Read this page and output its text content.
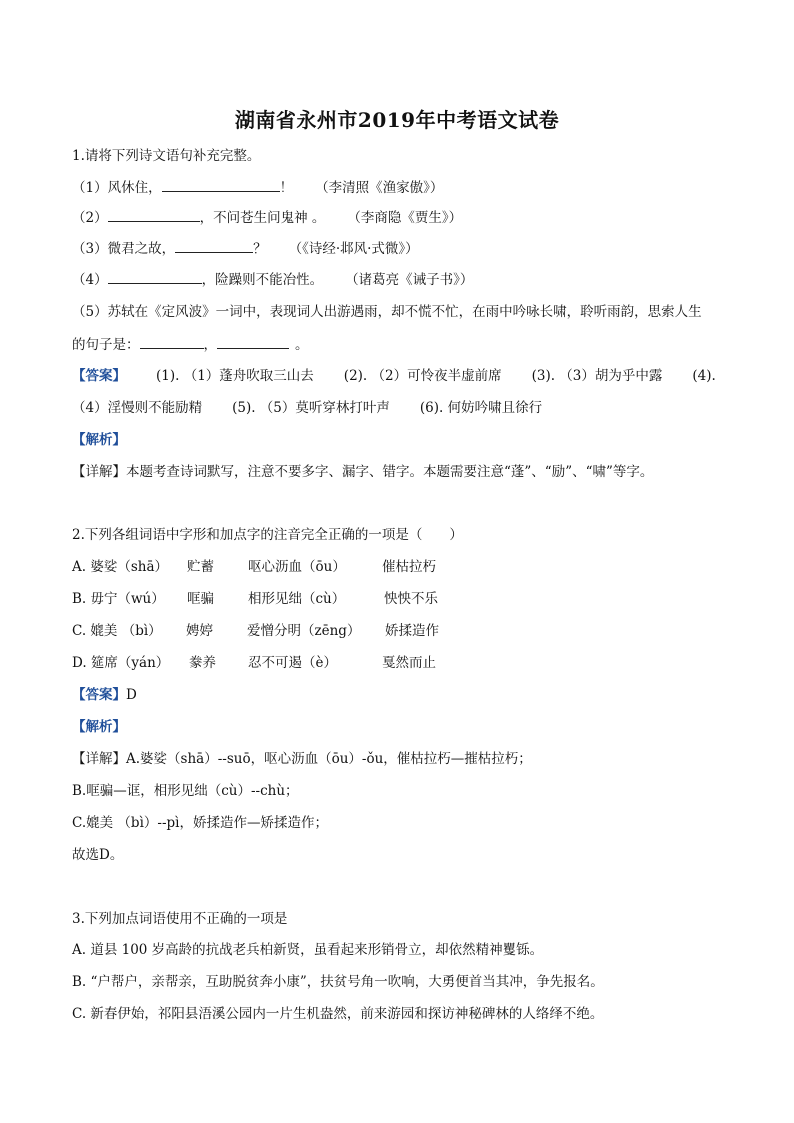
湖南省永州市2019年中考语文试卷
1.请将下列诗文语句补充完整。
（1）风休住，	！ （李清照《渔家傲》）
（2）	，不问苍生问鬼神 。 （李商隐《贾生》）
（3）微君之故，	？ （《诗经·邶风·式微》）
（4）	，险躁则不能冶性。 （诸葛亮《诫子书》）
（5）苏轼在《定风波》一词中，表现词人出游遇雨，却不慌不忙，在雨中吟咏长啸，聆听雨韵，思索人生
的句子是：	，	。
【答案】 (1). （1）蓬舟吹取三山去 (2). （2）可怜夜半虚前席 (3). （3）胡为乎中露 (4).
（4）淫慢则不能励精 (5). （5）莫听穿林打叶声 (6). 何妨吟啸且徐行
【解析】
【详解】本题考查诗词默写，注意不要多字、漏字、错字。本题需要注意“蓬”、“励”、“啸”等字。
2.下列各组词语中字形和加点字的注音完全正确的一项是（　　）
A. 婆娑（shā） 贮蓄	呕心沥血（ōu）	催枯拉朽
B. 毋宁（wú） 哐骗	相形见绌（cù）	怏怏不乐
C. 媲美 （bì） 娉婷	爱憎分明（zēng） 娇揉造作
D. 筵席（yán） 豢养 忍不可遏（è）	戛然而止
【答案】D
【解析】
【详解】A.婆娑（shā）--suō，呕心沥血（ōu）-ǒu，催枯拉朽—摧枯拉朽；
B.哐骗—诓，相形见绌（cù）--chù；
C.媲美 （bì）--pì，娇揉造作—矫揉造作；
故选D。
3.下列加点词语使用不正确的一项是
A. 道县 100 岁高龄的抗战老兵柏新贤，虽看起来形销骨立，却依然精神矍铄。
B. “户帮户，亲帮亲，互助脱贫奔小康”，扶贫号角一吹响，大勇便首当其冲，争先报名。
C. 新春伊始，祁阳县浯溪公园内一片生机盎然，前来游园和探访神秘碑林的人络绎不绝。
